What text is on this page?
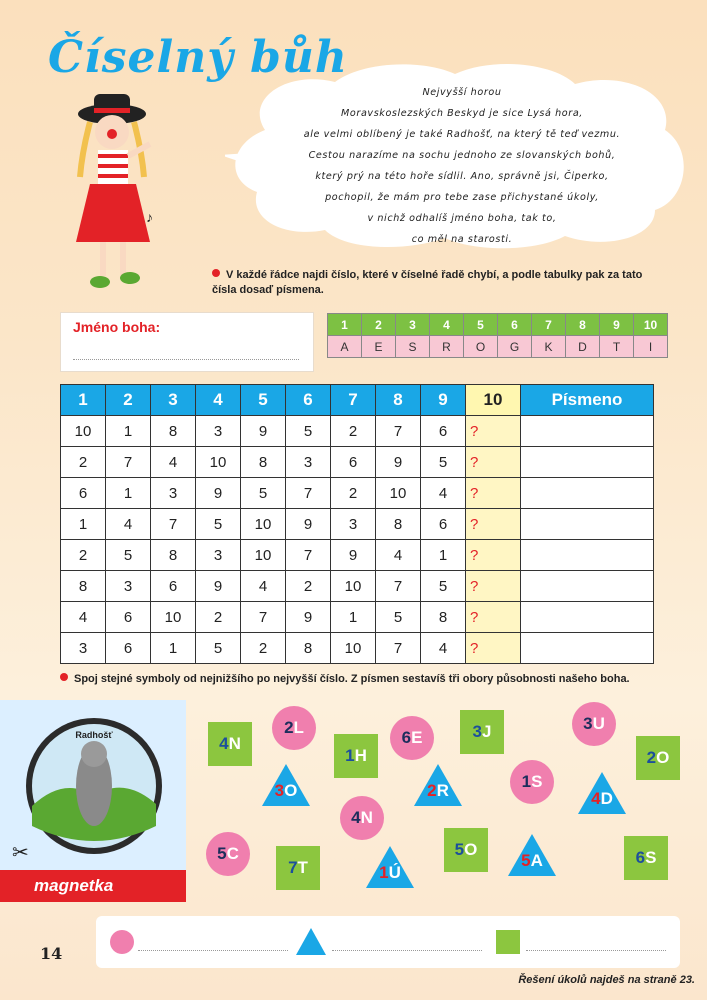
Číselný bůh
♪
Nejvyšší horou
Moravskoslezských Beskyd je sice Lysá hora,
ale velmi oblíbený je také Radhošť, na který tě teď vezmu.
Cestou narazíme na sochu jednoho ze slovanských bohů,
který prý na této hoře sídlil. Ano, správně jsi, Čiperko,
pochopil, že mám pro tebe zase přichystané úkoly,
v nichž odhalíš jméno boha, tak to,
co měl na starosti.
V každé řádce najdi číslo, které v číselné řadě chybí, a podle tabulky pak za tato čísla dosaď písmena.
Jméno boha:	1	2	3	4	5	6	7	8	9	10
A	E	S	R	O	G	K	D	T	I
1	2	3	4	5	6	7	8	9	10	Písmeno
10	1	8	3	9	5	2	7	6	?	
2	7	4	10	8	3	6	9	5	?	
6	1	3	9	5	7	2	10	4	?	
1	4	7	5	10	9	3	8	6	?	
2	5	8	3	10	7	9	4	1	?	
8	3	6	9	4	2	10	7	5	?	
4	6	10	2	7	9	1	5	8	?	
3	6	1	5	2	8	10	7	4	?	
Spoj stejné symboly od nejnižšího po nejvyšší číslo. Z písmen sestavíš tři obory působnosti našeho boha.
Radhošť
✂
magnetka
4N
2L
1H
6E	3J	3U
2O
3O
4N
2R	1S
4D
5C
7T	1Ú
5O
5A	6S
14
Řešení úkolů najdeš na straně 23.
